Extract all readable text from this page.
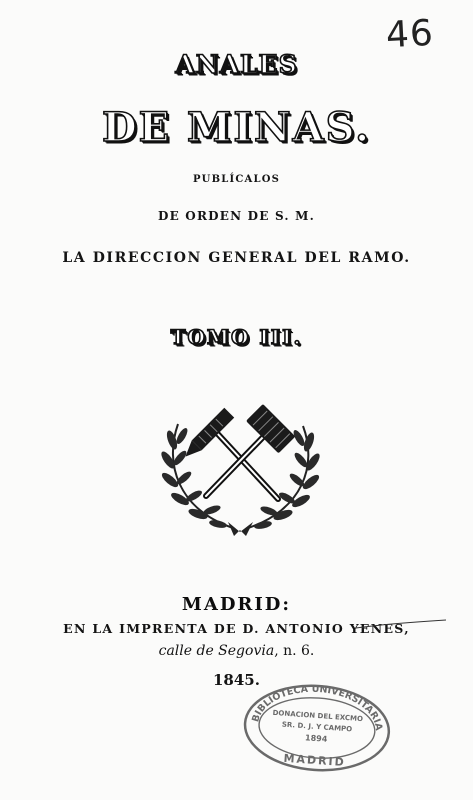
46
ANALES
DE MINAS.
PUBLÍCALOS
DE ORDEN DE S. M.
LA DIRECCION GENERAL DEL RAMO.
TOMO III.
MADRID:
EN LA IMPRENTA DE D. ANTONIO YENES,
calle de Segovia, n. 6.
1845.
BIBLIOTECA UNIVERSITARIA
DONACION DEL EXCMO
SR. D. J. Y CAMPO
1894
MADRID
